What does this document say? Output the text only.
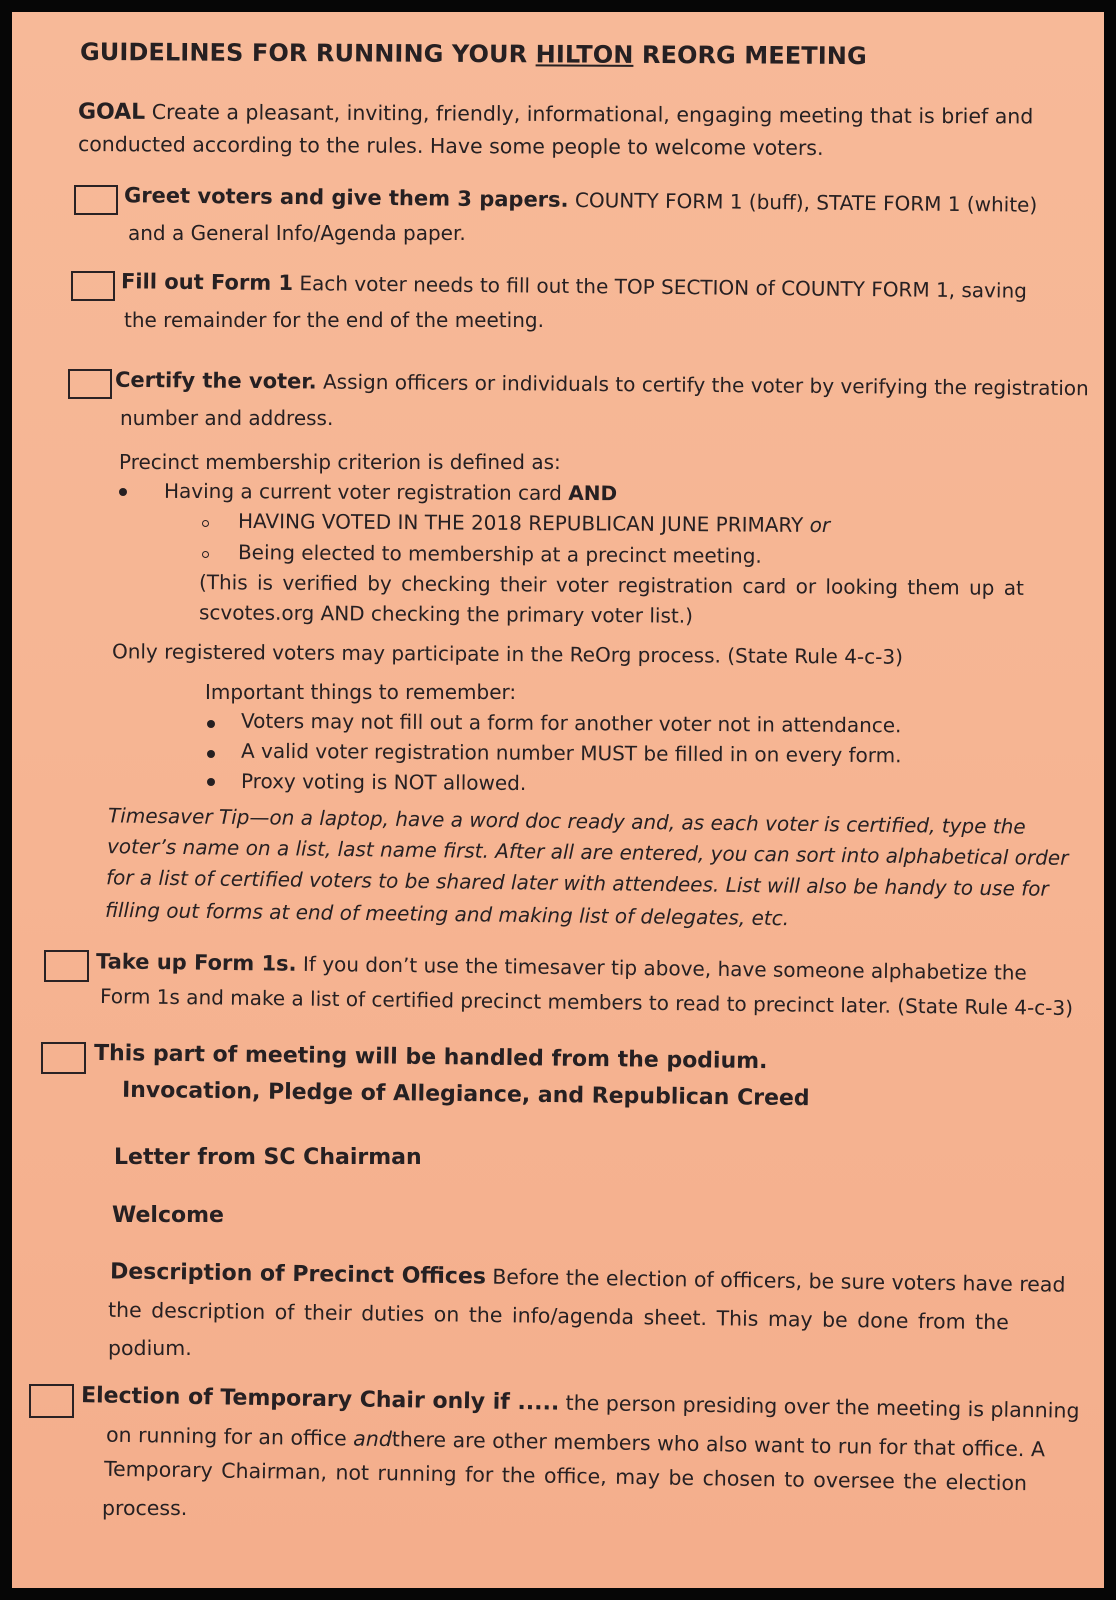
GUIDELINES FOR RUNNING YOUR HILTON REORG MEETING
GOAL Create a pleasant, inviting, friendly, informational, engaging meeting that is brief and
conducted according to the rules. Have some people to welcome voters.
Greet voters and give them 3 papers. COUNTY FORM 1 (buff), STATE FORM 1 (white)
and a General Info/Agenda paper.
Fill out Form 1 Each voter needs to fill out the TOP SECTION of COUNTY FORM 1, saving
the remainder for the end of the meeting.
Certify the voter. Assign officers or individuals to certify the voter by verifying the registration
number and address.
Precinct membership criterion is defined as:
Having a current voter registration card AND
HAVING VOTED IN THE 2018 REPUBLICAN JUNE PRIMARY or
Being elected to membership at a precinct meeting.
(This is verified by checking their voter registration card or looking them up at
scvotes.org AND checking the primary voter list.)
Only registered voters may participate in the ReOrg process. (State Rule 4-c-3)
Important things to remember:
Voters may not fill out a form for another voter not in attendance.
A valid voter registration number MUST be filled in on every form.
Proxy voting is NOT allowed.
Timesaver Tip—on a laptop, have a word doc ready and, as each voter is certified, type the
voter’s name on a list, last name first. After all are entered, you can sort into alphabetical order
for a list of certified voters to be shared later with attendees. List will also be handy to use for
filling out forms at end of meeting and making list of delegates, etc.
Take up Form 1s. If you don’t use the timesaver tip above, have someone alphabetize the
Form 1s and make a list of certified precinct members to read to precinct later. (State Rule 4-c-3)
This part of meeting will be handled from the podium.
Invocation, Pledge of Allegiance, and Republican Creed
Letter from SC Chairman
Welcome
Description of Precinct Offices Before the election of officers, be sure voters have read
the description of their duties on the info/agenda sheet. This may be done from the
podium.
Election of Temporary Chair only if ..... the person presiding over the meeting is planning
on running for an office andthere are other members who also want to run for that office. A
Temporary Chairman, not running for the office, may be chosen to oversee the election
process.
